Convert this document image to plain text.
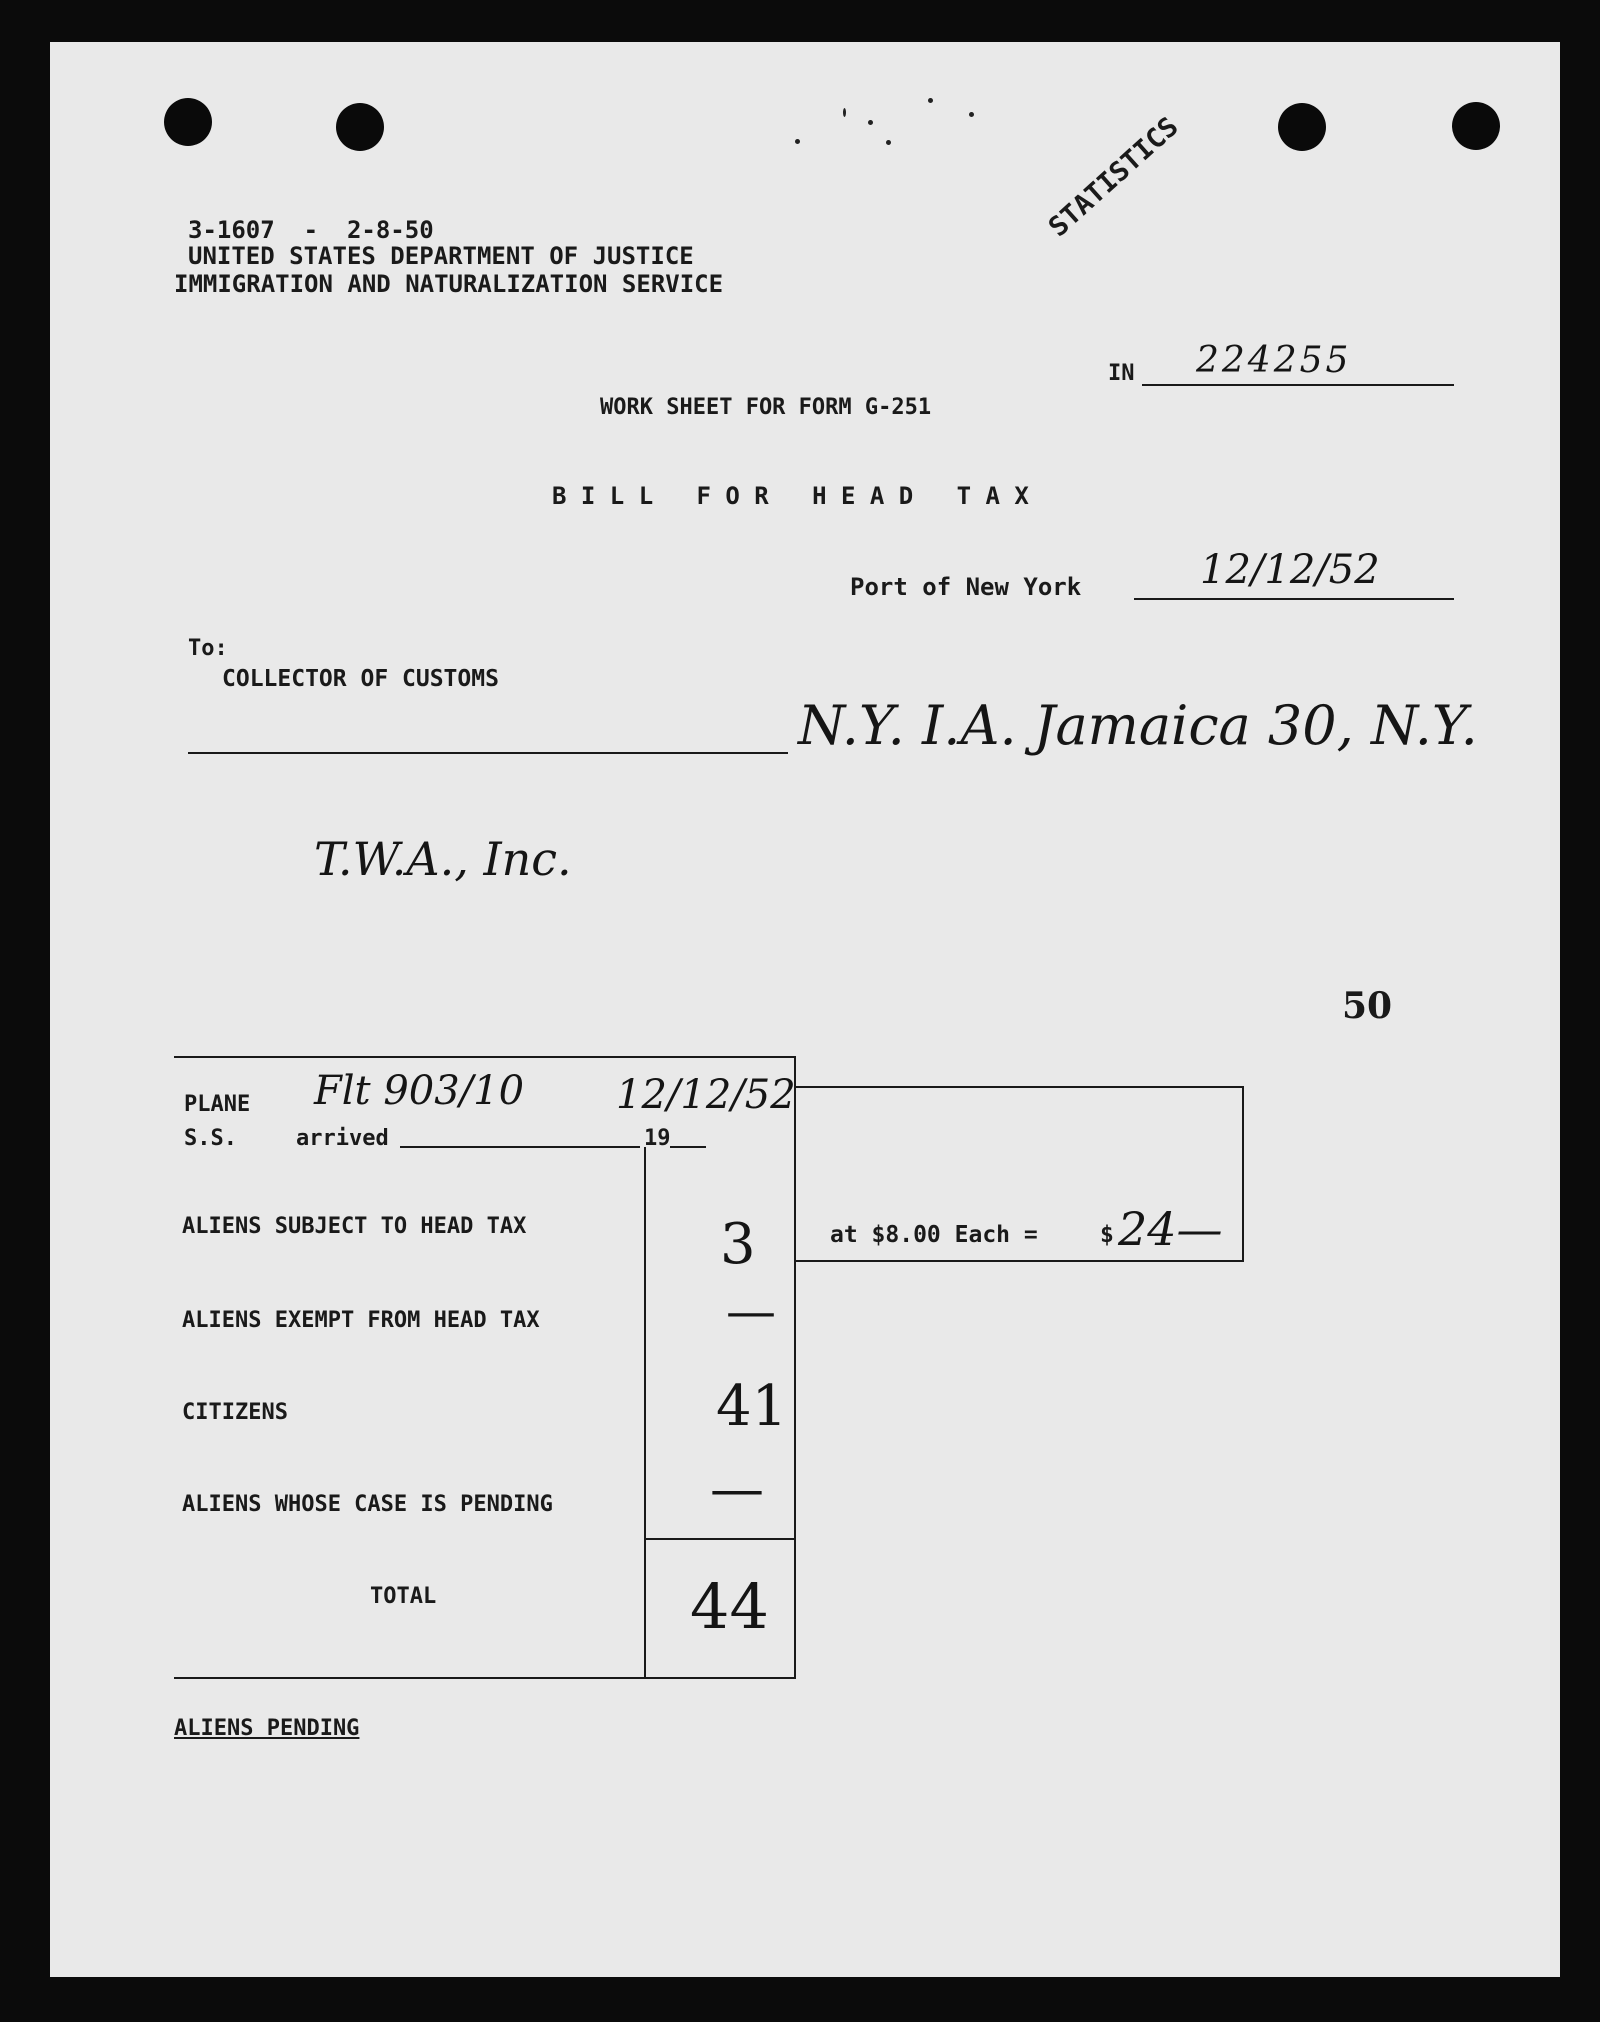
3-1607  -  2-8-50
UNITED STATES DEPARTMENT OF JUSTICE
IMMIGRATION AND NATURALIZATION SERVICE
STATISTICS
IN 224255
WORK SHEET FOR FORM G-251
B I L L   F O R   H E A D   T A X
Port of New York	12/12/52
To:
COLLECTOR OF CUSTOMS
N.Y. I.A. Jamaica 30, N.Y.
T.W.A., Inc.
50
PLANE
S.S.	arrived	19
Flt 903/10 12/12/52
ALIENS SUBJECT TO HEAD TAX	3
ALIENS EXEMPT FROM HEAD TAX	—
CITIZENS	41
ALIENS WHOSE CASE IS PENDING	—
TOTAL	44
at $8.00 Each =	$ 24—
ALIENS PENDING
